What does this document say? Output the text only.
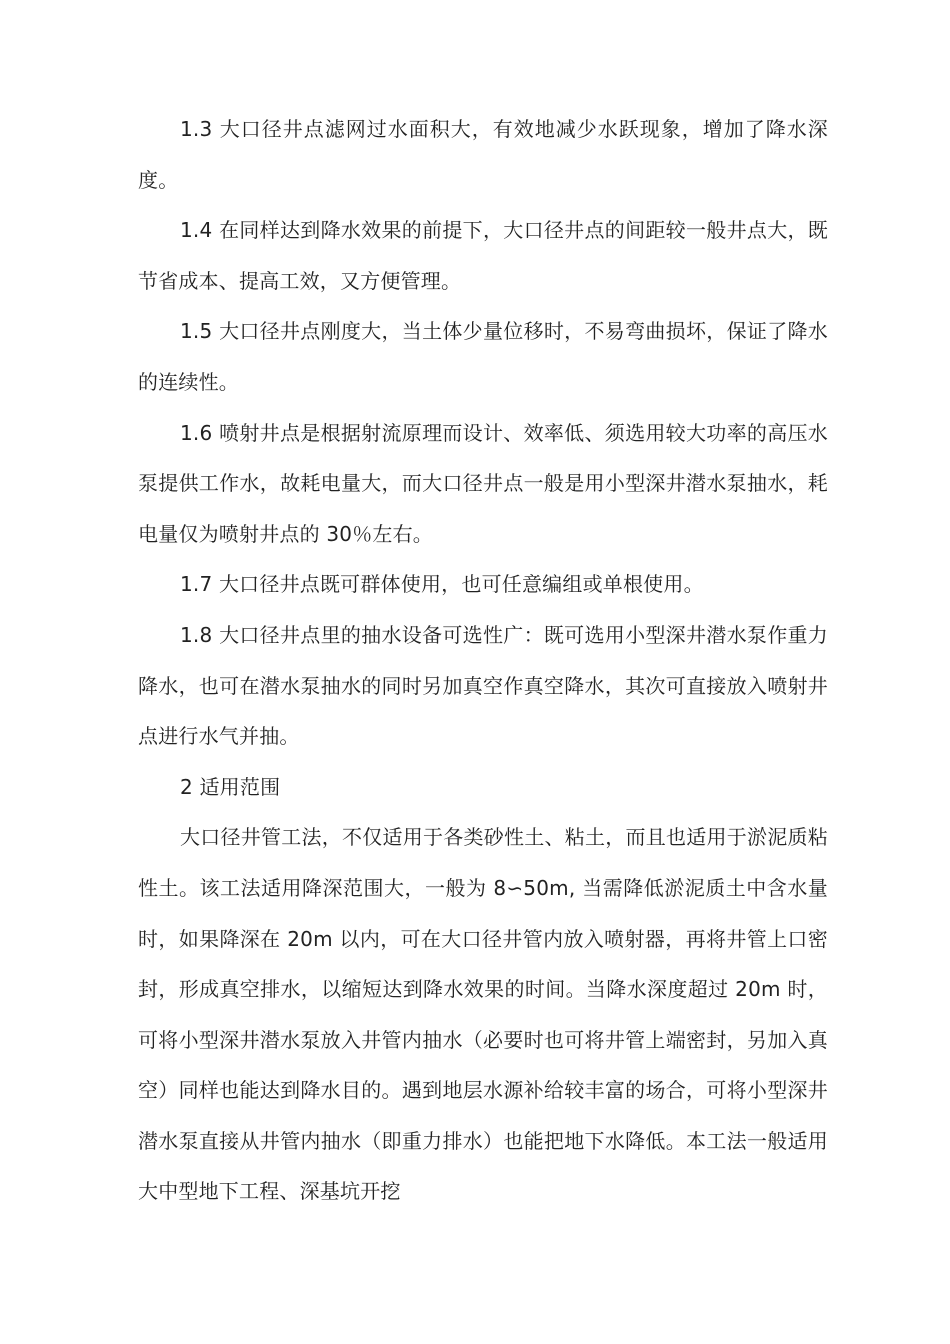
1.3 大口径井点滤网过水面积大，有效地减少水跃现象，增加了降水深度。

1.4 在同样达到降水效果的前提下，大口径井点的间距较一般井点大，既节省成本、提高工效，又方便管理。

1.5 大口径井点刚度大，当土体少量位移时，不易弯曲损坏，保证了降水的连续性。

1.6 喷射井点是根据射流原理而设计、效率低、须选用较大功率的高压水泵提供工作水，故耗电量大，而大口径井点一般是用小型深井潜水泵抽水，耗电量仅为喷射井点的 30％左右。

1.7 大口径井点既可群体使用，也可任意编组或单根使用。

1.8 大口径井点里的抽水设备可选性广：既可选用小型深井潜水泵作重力降水，也可在潜水泵抽水的同时另加真空作真空降水，其次可直接放入喷射井点进行水气并抽。

2 适用范围

大口径井管工法，不仅适用于各类砂性土、粘土，而且也适用于淤泥质粘性土。该工法适用降深范围大，一般为 8∽50m, 当需降低淤泥质土中含水量时，如果降深在 20m 以内，可在大口径井管内放入喷射器，再将井管上口密封，形成真空排水，以缩短达到降水效果的时间。当降水深度超过 20m 时，可将小型深井潜水泵放入井管内抽水（必要时也可将井管上端密封，另加入真空）同样也能达到降水目的。遇到地层水源补给较丰富的场合，可将小型深井潜水泵直接从井管内抽水（即重力排水）也能把地下水降低。本工法一般适用大中型地下工程、深基坑开挖
